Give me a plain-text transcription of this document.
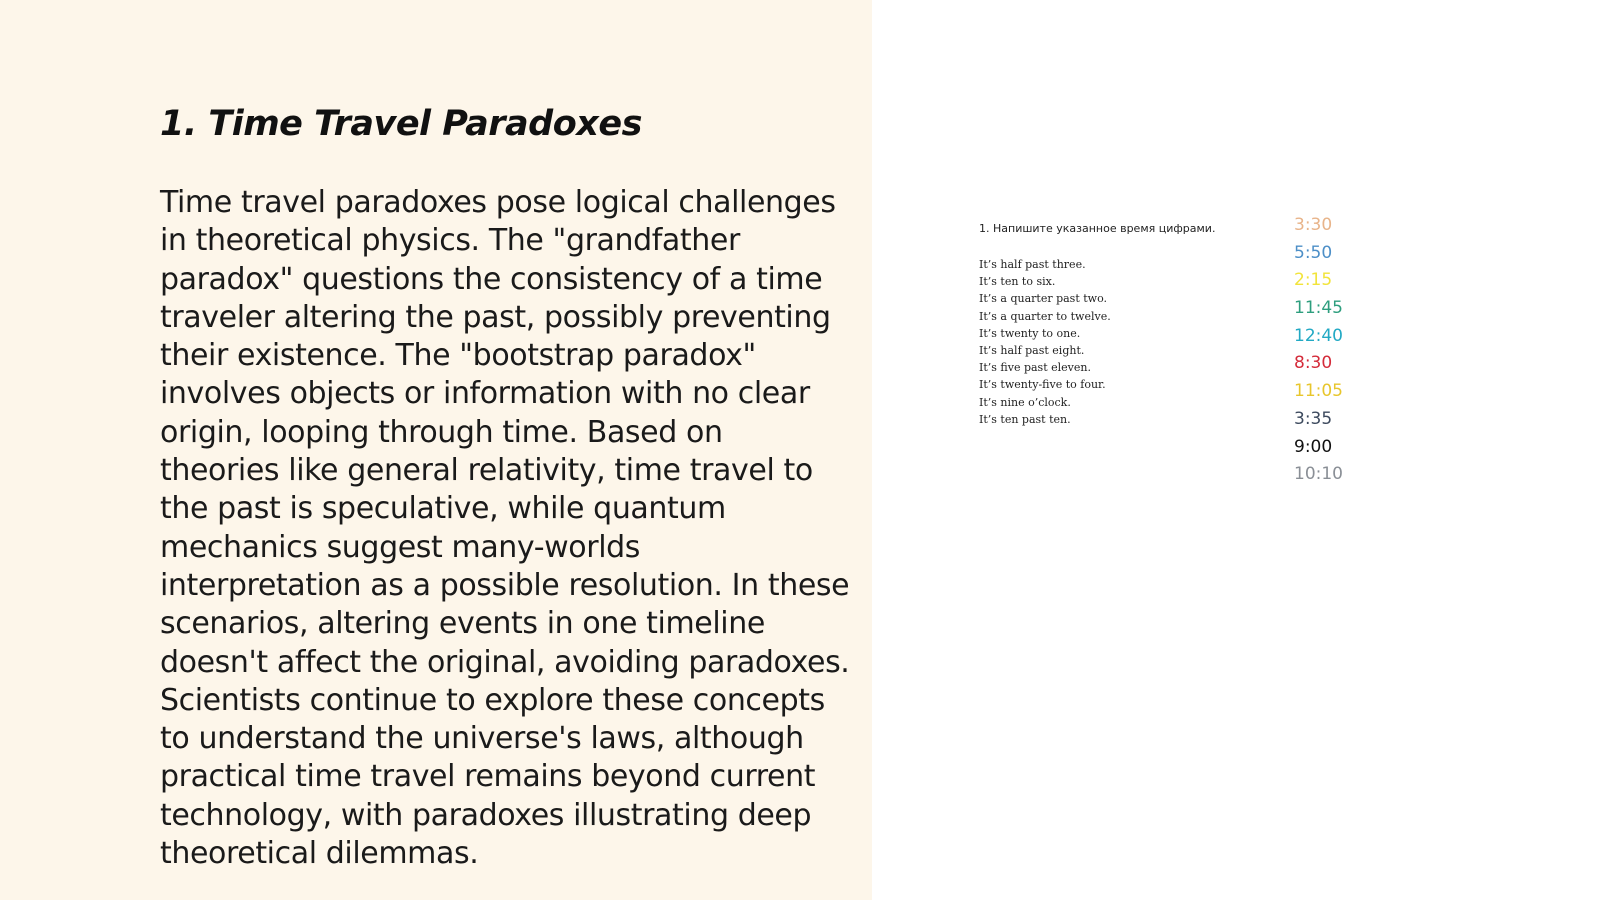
1. Time Travel Paradoxes

Time travel paradoxes pose logical challenges in theoretical physics. The "grandfather paradox" questions the consistency of a time traveler altering the past, possibly preventing their existence. The "bootstrap paradox" involves objects or information with no clear origin, looping through time. Based on theories like general relativity, time travel to the past is speculative, while quantum mechanics suggest many-worlds interpretation as a possible resolution. In these scenarios, altering events in one timeline doesn't affect the original, avoiding paradoxes. Scientists continue to explore these concepts to understand the universe's laws, although practical time travel remains beyond current technology, with paradoxes illustrating deep theoretical dilemmas.

1. Напишите указанное время цифрами.
It’s half past three.
It’s ten to six.
It’s a quarter past two.
It’s a quarter to twelve.
It’s twenty to one.
It’s half past eight.
It’s five past eleven.
It’s twenty-five to four.
It’s nine o’clock.
It’s ten past ten.
3:30
5:50
2:15
11:45
12:40
8:30
11:05
3:35
9:00
10:10
